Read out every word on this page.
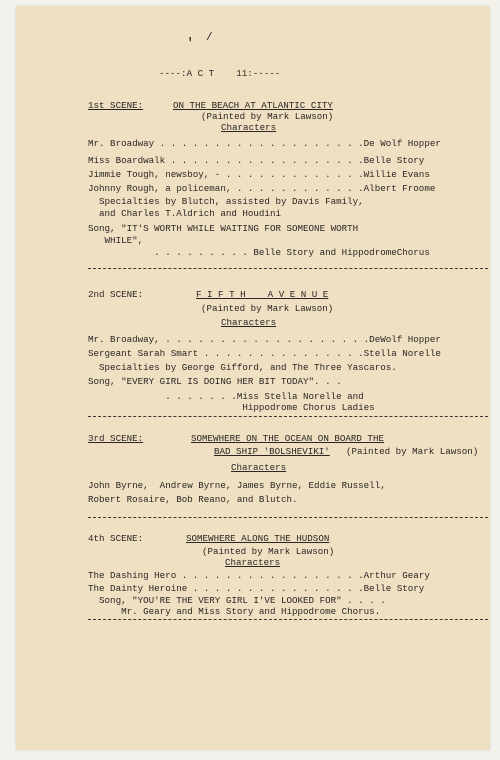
' /
----:A C T    11:-----
1st SCENE:	ON THE BEACH AT ATLANTIC CITY
(Painted by Mark Lawson)
Characters
Mr. Broadway . . . . . . . . . . . . . . . . . . .De Wolf Hopper
Miss Boardwalk . . . . . . . . . . . . . . . . . .Belle Story
Jimmie Tough, newsboy, - . . . . . . . . . . . . .Willie Evans
Johnny Rough, a policeman, . . . . . . . . . . . .Albert Froome
Specialties by Blutch, assisted by Davis Family,
and Charles T.Aldrich and Houdini
Song, "IT'S WORTH WHILE WAITING FOR SOMEONE WORTH
WHILE",
. . . . . . . . . Belle Story and HippodromeChorus
2nd SCENE:	F I F T H    A V E N U E
(Painted by Mark Lawson)
Characters
Mr. Broadway, . . . . . . . . . . . . . . . . . . .DeWolf Hopper
Sergeant Sarah Smart . . . . . . . . . . . . . . .Stella Norelle
Specialties by George Gifford, and The Three Yascaros.
Song, "EVERY GIRL IS DOING HER BIT TODAY". . .
. . . . . . .Miss Stella Norelle and
Hippodrome Chorus Ladies
3rd SCENE:	SOMEWHERE ON THE OCEAN ON BOARD THE
BAD SHIP 'BOLSHEVIKI' (Painted by Mark Lawson)
Characters
John Byrne,  Andrew Byrne, James Byrne, Eddie Russell,
Robert Rosaire, Bob Reano, and Blutch.
4th SCENE:	SOMEWHERE ALONG THE HUDSON
(Painted by Mark Lawson)
Characters
The Dashing Hero . . . . . . . . . . . . . . . . .Arthur Geary
The Dainty Heroine . . . . . . . . . . . . . . . .Belle Story
Song, "YOU'RE THE VERY GIRL I'VE LOOKED FOR" . . . .
Mr. Geary and Miss Story and Hippodrome Chorus.
